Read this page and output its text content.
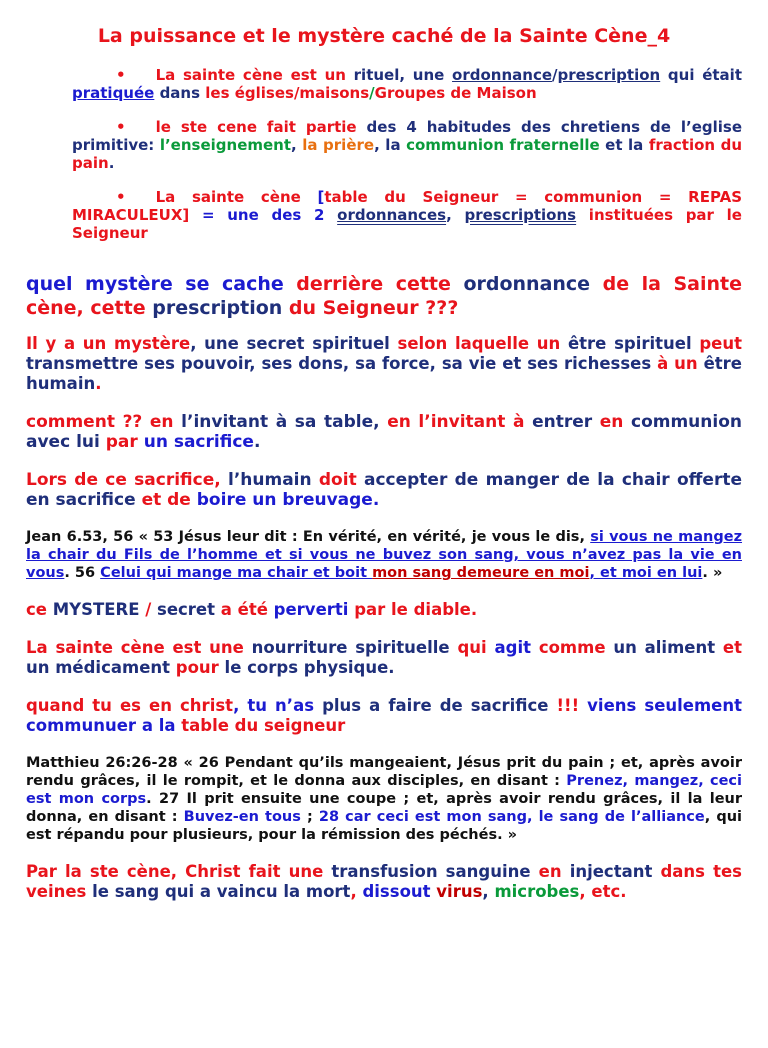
La puissance et le mystère caché de la Sainte Cène_4

• La sainte cène est un rituel, une ordonnance/prescription qui était pratiquée dans les églises/maisons/Groupes de Maison

• le ste cene fait partie des 4 habitudes des chretiens de l’eglise primitive: l’enseignement, la prière, la communion fraternelle et la fraction du pain.

• La sainte cène [table du Seigneur = communion = REPAS MIRACULEUX] = une des 2 ordonnances, prescriptions instituées par le Seigneur

quel mystère se cache derrière cette ordonnance de la Sainte cène, cette prescription du Seigneur ???

Il y a un mystère, une secret spirituel selon laquelle un être spirituel peut transmettre ses pouvoir, ses dons, sa force, sa vie et ses richesses à un être humain.

comment ?? en l’invitant à sa table, en l’invitant à entrer en communion avec lui par un sacrifice.

Lors de ce sacrifice, l’humain doit accepter de manger de la chair offerte en sacrifice et de boire un breuvage.

Jean 6.53, 56 « 53 Jésus leur dit : En vérité, en vérité, je vous le dis, si vous ne mangez la chair du Fils de l’homme et si vous ne buvez son sang, vous n’avez pas la vie en vous. 56 Celui qui mange ma chair et boit mon sang demeure en moi, et moi en lui. »

ce MYSTERE / secret a été perverti par le diable.

La sainte cène est une nourriture spirituelle qui agit comme un aliment et un médicament pour le corps physique.

quand tu es en christ, tu n’as plus a faire de sacrifice !!! viens seulement communuer a la table du seigneur

Matthieu 26:26-28 « 26 Pendant qu’ils mangeaient, Jésus prit du pain ; et, après avoir rendu grâces, il le rompit, et le donna aux disciples, en disant : Prenez, mangez, ceci est mon corps. 27 Il prit ensuite une coupe ; et, après avoir rendu grâces, il la leur donna, en disant : Buvez-en tous ; 28 car ceci est mon sang, le sang de l’alliance, qui est répandu pour plusieurs, pour la rémission des péchés. »

Par la ste cène, Christ fait une transfusion sanguine en injectant dans tes veines le sang qui a vaincu la mort, dissout virus, microbes, etc.
